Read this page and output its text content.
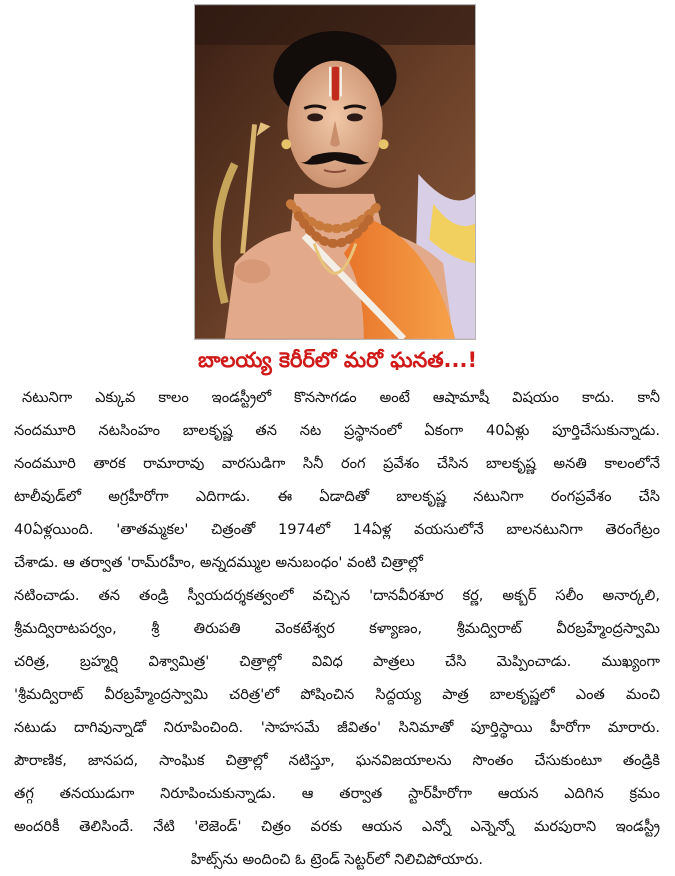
బాలయ్య కెరీర్‌లో మరో ఘనత...!
నటునిగా ఎక్కువ కాలం ఇండస్ట్రీలో కొనసాగడం అంటే ఆషామాషీ విషయం కాదు. కానీ
నందమూరి నటసింహం బాలకృష్ణ తన నట ప్రస్థానంలో ఏకంగా 40ఏళ్లు పూర్తిచేసుకున్నాడు.
నందమూరి తారక రామారావు వారసుడిగా సినీ రంగ ప్రవేశం చేసిన బాలకృష్ణ అనతి కాలంలోనే
టాలీవుడ్‌లో అగ్రహీరోగా ఎదిగాడు. ఈ ఏడాదితో బాలకృష్ణ నటునిగా రంగప్రవేశం చేసి
40ఏళ్లయింది. 'తాతమ్మకల' చిత్రంతో 1974లో 14ఏళ్ల వయసులోనే బాలనటునిగా తెరంగేట్రం
చేశాడు. ఆ తర్వాత 'రామ్‌రహీం, అన్నదమ్ముల అనుబంధం' వంటి చిత్రాల్లో
నటించాడు. తన తండ్రి స్వీయదర్శకత్వంలో వచ్చిన 'దానవీరశూర కర్ణ, అక్బర్ సలీం అనార్కలి,
శ్రీమద్విరాటపర్వం, శ్రీ తిరుపతి వెంకటేశ్వర కళ్యాణం, శ్రీమద్విరాట్ వీరబ్రహ్మేంద్రస్వామి
చరిత్ర, బ్రహ్మర్షి విశ్వామిత్ర' చిత్రాల్లో వివిధ పాత్రలు చేసి మెప్పించాడు. ముఖ్యంగా
'శ్రీమద్విరాట్ వీరబ్రహ్మేంద్రస్వామి చరిత్ర'లో పోషించిన సిద్దయ్య పాత్ర బాలకృష్ణలో ఎంత మంచి
నటుడు దాగివున్నాడో నిరూపించింది. 'సాహసమే జీవితం' సినిమాతో పూర్తిస్థాయి హీరోగా మారారు.
పౌరాణిక, జానపద, సాంఘిక చిత్రాల్లో నటిస్తూ, ఘనవిజయాలను సొంతం చేసుకుంటూ తండ్రికి
తగ్గ తనయుడుగా నిరూపించుకున్నాడు. ఆ తర్వాత స్టార్‌హీరోగా ఆయన ఎదిగిన క్రమం
అందరికీ తెలిసిందే. నేటి 'లెజెండ్' చిత్రం వరకు ఆయన ఎన్నో ఎన్నెన్నో మరపురాని ఇండస్ట్రీ
హిట్స్‌ను అందించి ఓ ట్రెండ్ సెట్టర్‌లో నిలిచిపోయారు.
